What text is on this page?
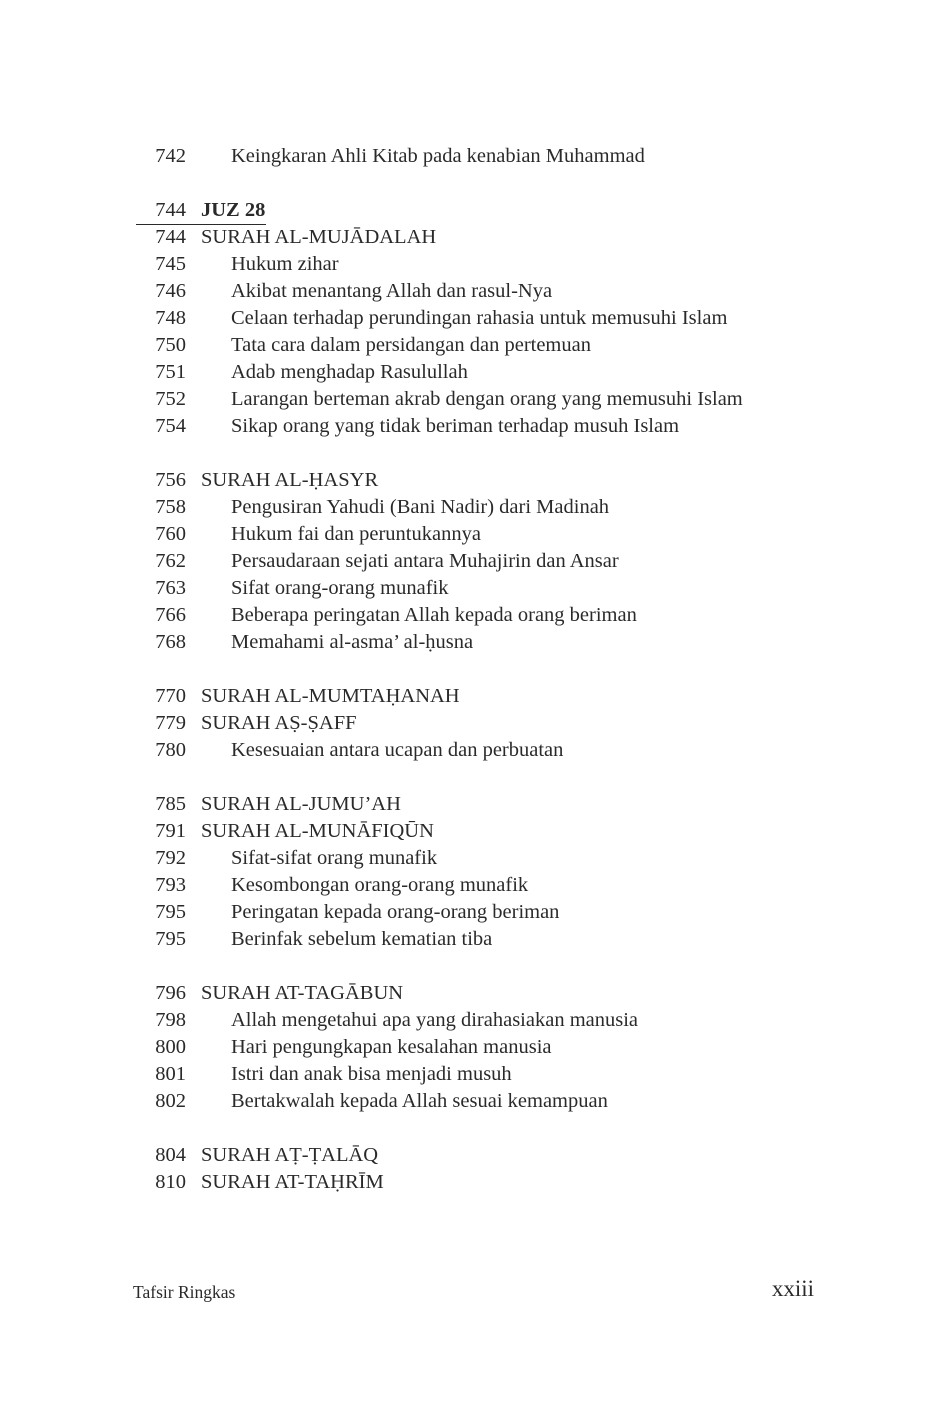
742 Keingkaran Ahli Kitab pada kenabian Muhammad
744 JUZ 28
744 SURAH AL-MUJĀDALAH
745 Hukum zihar
746 Akibat menantang Allah dan rasul-Nya
748 Celaan terhadap perundingan rahasia untuk memusuhi Islam
750 Tata cara dalam persidangan dan pertemuan
751 Adab menghadap Rasulullah
752 Larangan berteman akrab dengan orang yang memusuhi Islam
754 Sikap orang yang tidak beriman terhadap musuh Islam
756 SURAH AL-ḤASYR
758 Pengusiran Yahudi (Bani Nadir) dari Madinah
760 Hukum fai dan peruntukannya
762 Persaudaraan sejati antara Muhajirin dan Ansar
763 Sifat orang-orang munafik
766 Beberapa peringatan Allah kepada orang beriman
768 Memahami al-asma’ al-ḥusna
770 SURAH AL-MUMTAḤANAH
779 SURAH AṢ-ṢAFF
780 Kesesuaian antara ucapan dan perbuatan
785 SURAH AL-JUMU’AH
791 SURAH AL-MUNĀFIQŪN
792 Sifat-sifat orang munafik
793 Kesombongan orang-orang munafik
795 Peringatan kepada orang-orang beriman
795 Berinfak sebelum kematian tiba
796 SURAH AT-TAGĀBUN
798 Allah mengetahui apa yang dirahasiakan manusia
800 Hari pengungkapan kesalahan manusia
801 Istri dan anak bisa menjadi musuh
802 Bertakwalah kepada Allah sesuai kemampuan
804 SURAH AṬ-ṬALĀQ
810 SURAH AT-TAḤRĪM
Tafsir Ringkas	xxiii
